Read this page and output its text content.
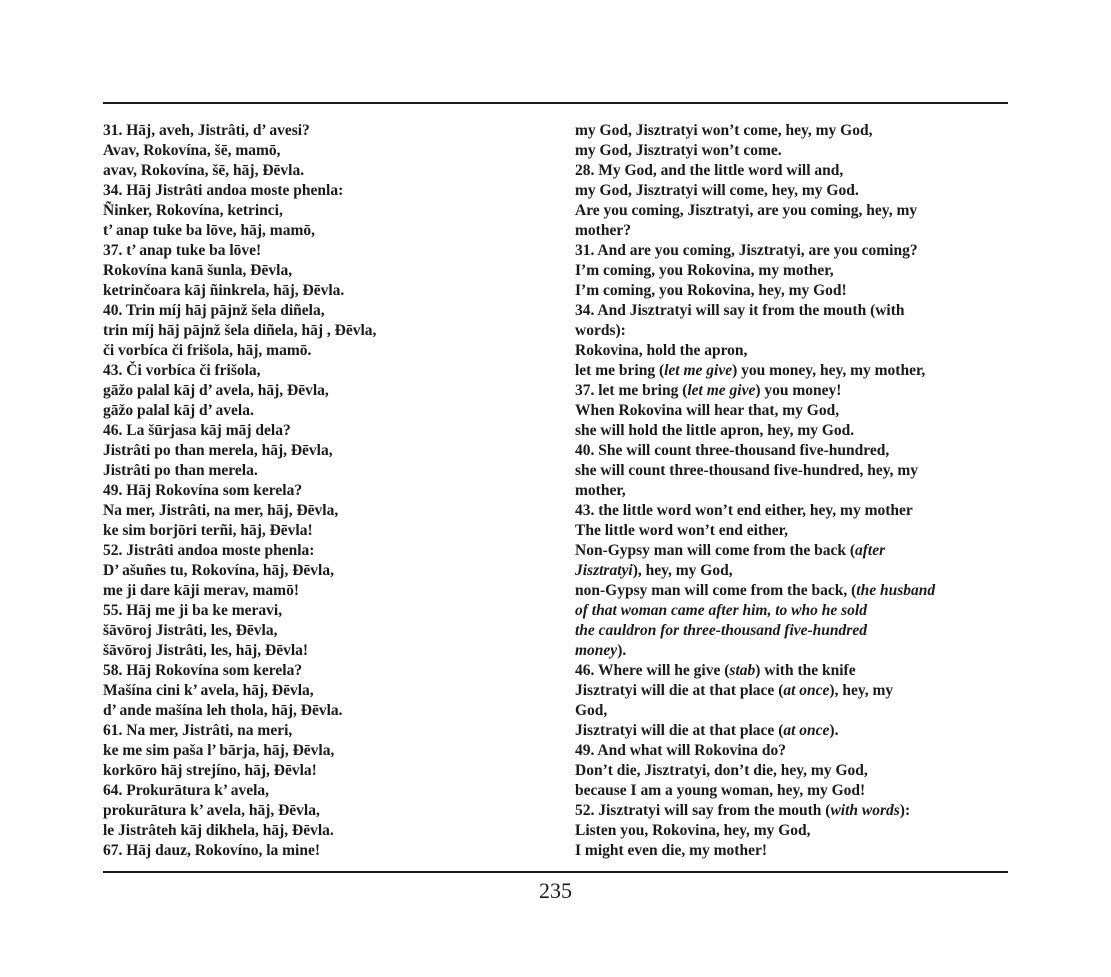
31. Hāj, aveh, Jistrâti, d’ avesi?
Avav, Rokovína, šē, mamō,
avav, Rokovína, šē, hāj, Đēvla.
34. Hāj Jistrâti andoa moste phenla:
Ñinker, Rokovína, ketrinci,
t’ anap tuke ba lōve, hāj, mamō,
37. t’ anap tuke ba lōve!
Rokovína kanā šunla, Đēvla,
ketrinčoara kāj ñinkrela, hāj, Đēvla.
40. Trin míj hāj pājnž šela diñela,
trin míj hāj pājnž šela diñela, hāj , Đēvla,
či vorbíca či frišola, hāj, mamō.
43. Či vorbíca či frišola,
gāžo palal kāj d’ avela, hāj, Đēvla,
gāžo palal kāj d’ avela.
46. La šūrjasa kāj māj dela?
Jistrâti po than merela, hāj, Đēvla,
Jistrâti po than merela.
49. Hāj Rokovína som kerela?
Na mer, Jistrâti, na mer, hāj, Đēvla,
ke sim borjōri terñi, hāj, Đēvla!
52. Jistrâti andoa moste phenla:
D’ ašuñes tu, Rokovína, hāj, Đēvla,
me ji dare kāji merav, mamō!
55. Hāj me ji ba ke meravi,
šāvōroj Jistrâti, les, Đēvla,
šāvōroj Jistrâti, les, hāj, Đēvla!
58. Hāj Rokovína som kerela?
Mašína cini k’ avela, hāj, Đēvla,
d’ ande mašína leh thola, hāj, Đēvla.
61. Na mer, Jistrâti, na meri,
ke me sim paša l’ bārja, hāj, Đēvla,
korkōro hāj strejíno, hāj, Đēvla!
64. Prokurātura k’ avela,
prokurātura k’ avela, hāj, Đēvla,
le Jistrâteh kāj dikhela, hāj, Đēvla.
67. Hāj dauz, Rokovíno, la mine!
my God, Jisztratyi won’t come, hey, my God,
my God, Jisztratyi won’t come.
28. My God, and the little word will and,
my God, Jisztratyi will come, hey, my God.
Are you coming, Jisztratyi, are you coming, hey, my
mother?
31. And are you coming, Jisztratyi, are you coming?
I’m coming, you Rokovina, my mother,
I’m coming, you Rokovina, hey, my God!
34. And Jisztratyi will say it from the mouth (with
words):
Rokovina, hold the apron,
let me bring (let me give) you money, hey, my mother,
37. let me bring (let me give) you money!
When Rokovina will hear that, my God,
she will hold the little apron, hey, my God.
40. She will count three-thousand five-hundred,
she will count three-thousand five-hundred, hey, my
mother,
43. the little word won’t end either, hey, my mother
The little word won’t end either,
Non-Gypsy man will come from the back (after
Jisztratyi), hey, my God,
non-Gypsy man will come from the back, (the husband
of that woman came after him, to who he sold
the cauldron for three-thousand five-hundred
money).
46. Where will he give (stab) with the knife
Jisztratyi will die at that place (at once), hey, my
God,
Jisztratyi will die at that place (at once).
49. And what will Rokovina do?
Don’t die, Jisztratyi, don’t die, hey, my God,
because I am a young woman, hey, my God!
52. Jisztratyi will say from the mouth (with words):
Listen you, Rokovina, hey, my God,
I might even die, my mother!
235
